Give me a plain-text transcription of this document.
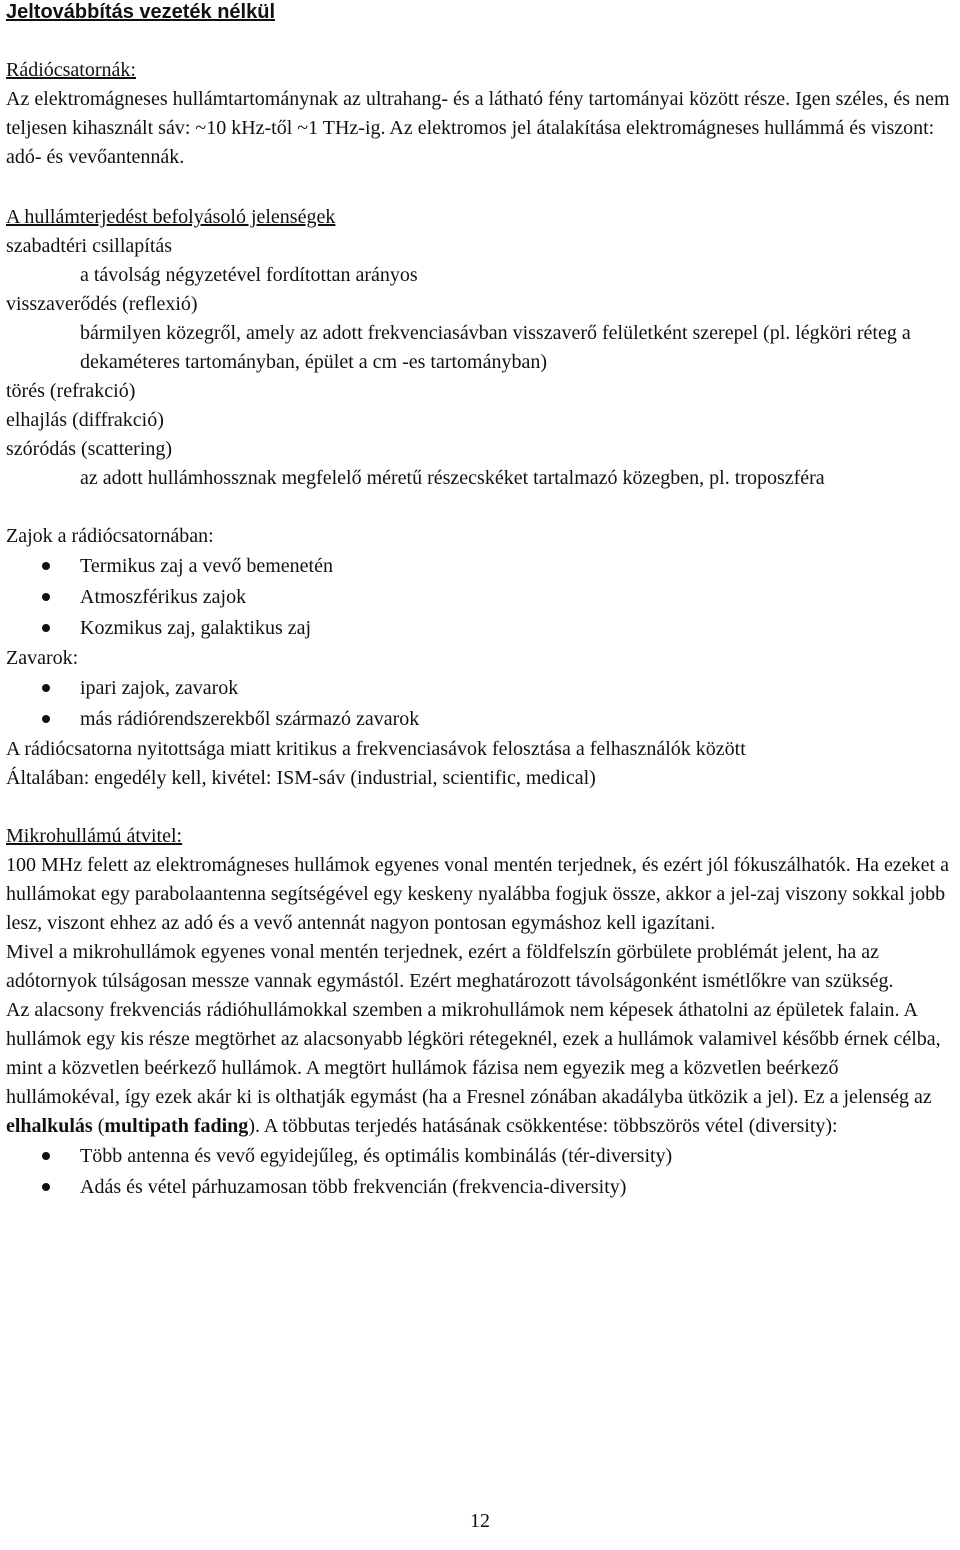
Jeltovábbítás vezeték nélkül

Rádiócsatornák:

Az elektromágneses hullámtartománynak az ultrahang- és a látható fény tartományai között része. Igen széles, és nem teljesen kihasznált sáv: ~10 kHz-től ~1 THz-ig. Az elektromos jel átalakítása elektromágneses hullámmá és viszont: adó- és vevőantennák.

A hullámterjedést befolyásoló jelenségek

szabadtéri csillapítás

a távolság négyzetével fordítottan arányos

visszaverődés (reflexió)

bármilyen közegről, amely az adott frekvenciasávban visszaverő felületként szerepel (pl. légköri réteg a dekaméteres tartományban, épület a cm -es tartományban)

törés (refrakció)

elhajlás (diffrakció)

szóródás (scattering)

az adott hullámhossznak megfelelő méretű részecskéket tartalmazó közegben, pl. troposzféra

Zajok a rádiócsatornában:

Termikus zaj a vevő bemenetén
Atmoszférikus zajok
Kozmikus zaj, galaktikus zaj

Zavarok:

ipari zajok, zavarok
más rádiórendszerekből származó zavarok

A rádiócsatorna nyitottsága miatt kritikus a frekvenciasávok felosztása a felhasználók között

Általában: engedély kell, kivétel: ISM-sáv (industrial, scientific, medical)

Mikrohullámú átvitel:

100 MHz felett az elektromágneses hullámok egyenes vonal mentén terjednek, és ezért jól fókuszálhatók. Ha ezeket a hullámokat egy parabolaantenna segítségével egy keskeny nyalábba fogjuk össze, akkor a jel-zaj viszony sokkal jobb lesz, viszont ehhez az adó és a vevő antennát nagyon pontosan egymáshoz kell igazítani.

Mivel a mikrohullámok egyenes vonal mentén terjednek, ezért a földfelszín görbülete problémát jelent, ha az adótornyok túlságosan messze vannak egymástól. Ezért meghatározott távolságonként ismétlőkre van szükség.

Az alacsony frekvenciás rádióhullámokkal szemben a mikrohullámok nem képesek áthatolni az épületek falain. A hullámok egy kis része megtörhet az alacsonyabb légköri rétegeknél, ezek a hullámok valamivel később érnek célba, mint a közvetlen beérkező hullámok. A megtört hullámok fázisa nem egyezik meg a közvetlen beérkező hullámokéval, így ezek akár ki is olthatják egymást (ha a Fresnel zónában akadályba ütközik a jel). Ez a jelenség az elhalkulás (multipath fading). A többutas terjedés hatásának csökkentése: többszörös vétel (diversity):

Több antenna és vevő egyidejűleg, és optimális kombinálás (tér-diversity)
Adás és vétel párhuzamosan több frekvencián (frekvencia-diversity)
12
